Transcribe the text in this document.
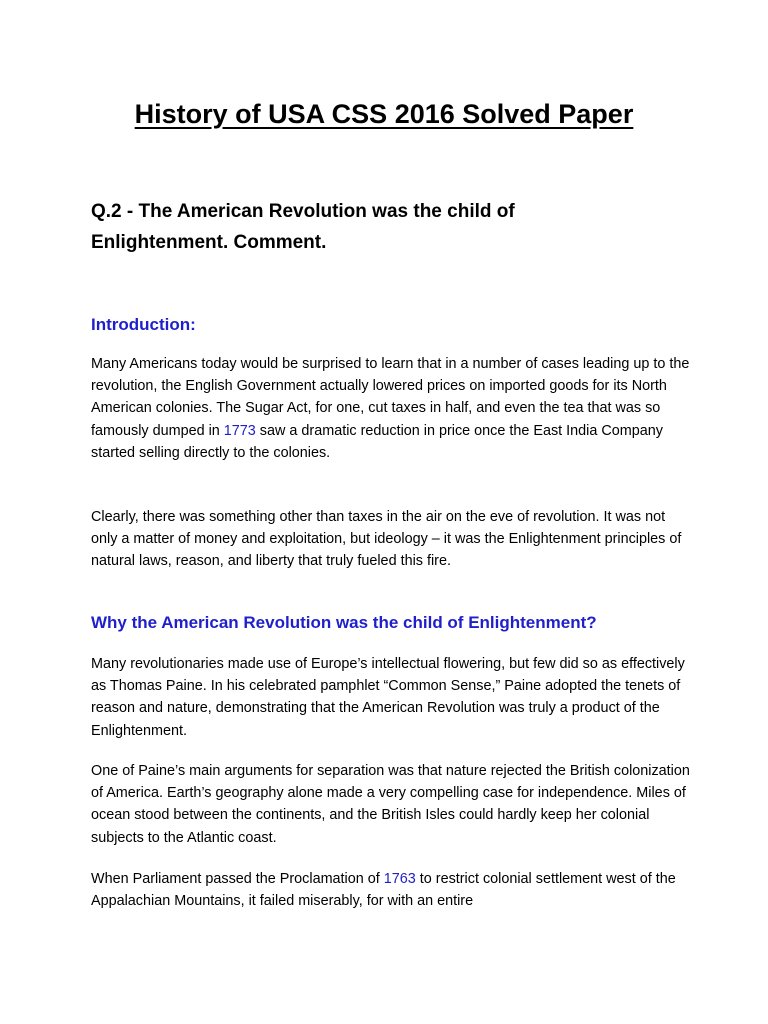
History of USA CSS 2016 Solved Paper
Q.2 - The American Revolution was the child of
Enlightenment. Comment.
Introduction:

Many Americans today would be surprised to learn that in a number of cases leading up to the revolution, the English Government actually lowered prices on imported goods for its North American colonies. The Sugar Act, for one, cut taxes in half, and even the tea that was so famously dumped in 1773 saw a dramatic reduction in price once the East India Company started selling directly to the colonies.

Clearly, there was something other than taxes in the air on the eve of revolution. It was not only a matter of money and exploitation, but ideology – it was the Enlightenment principles of natural laws, reason, and liberty that truly fueled this fire.

Why the American Revolution was the child of Enlightenment?

Many revolutionaries made use of Europe’s intellectual flowering, but few did so as effectively as Thomas Paine. In his celebrated pamphlet “Common Sense,” Paine adopted the tenets of reason and nature, demonstrating that the American Revolution was truly a product of the Enlightenment.

One of Paine’s main arguments for separation was that nature rejected the British colonization of America. Earth’s geography alone made a very compelling case for independence. Miles of ocean stood between the continents, and the British Isles could hardly keep her colonial subjects to the Atlantic coast.

When Parliament passed the Proclamation of 1763 to restrict colonial settlement west of the Appalachian Mountains, it failed miserably, for with an entire
